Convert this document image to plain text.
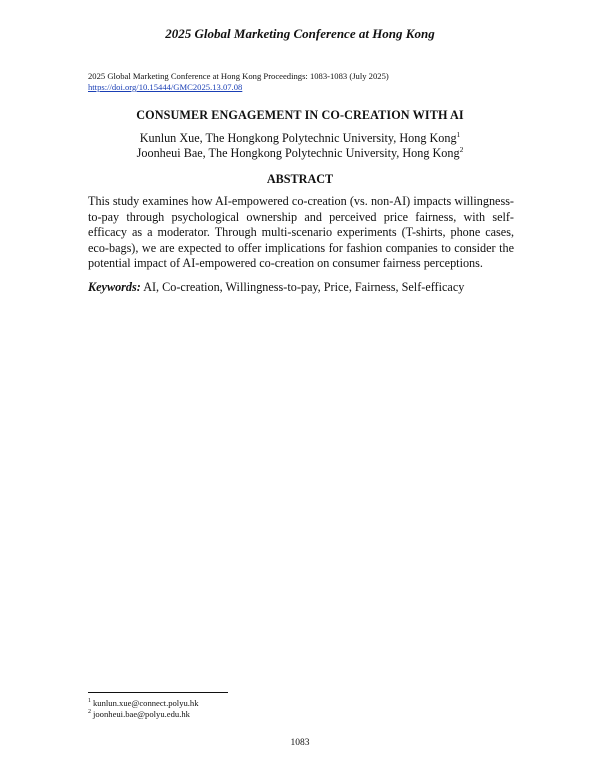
2025 Global Marketing Conference at Hong Kong
2025 Global Marketing Conference at Hong Kong Proceedings: 1083-1083 (July 2025)
https://doi.org/10.15444/GMC2025.13.07.08
CONSUMER ENGAGEMENT IN CO-CREATION WITH AI
Kunlun Xue, The Hongkong Polytechnic University, Hong Kong$^1$
Joonheui Bae, The Hongkong Polytechnic University, Hong Kong$^2$
ABSTRACT

This study examines how AI-empowered co-creation (vs. non-AI) impacts willingness-to-pay through psychological ownership and perceived price fairness, with self-efficacy as a moderator. Through multi-scenario experiments (T-shirts, phone cases, eco-bags), we are expected to offer implications for fashion companies to consider the potential impact of AI-empowered co-creation on consumer fairness perceptions.

Keywords: AI, Co-creation, Willingness-to-pay, Price, Fairness, Self-efficacy

$^1$ kunlun.xue@connect.polyu.hk
$^2$ joonheui.bae@polyu.edu.hk
1083
